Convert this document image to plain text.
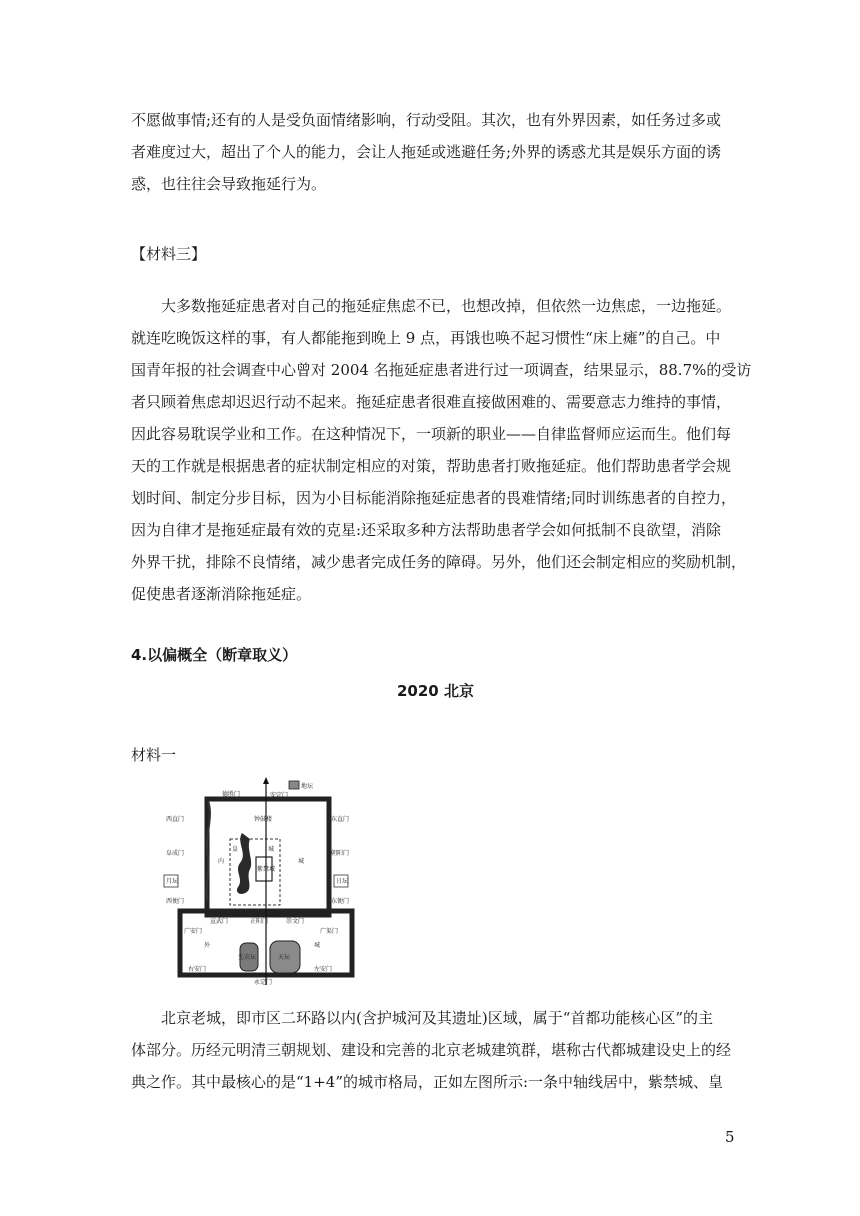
不愿做事情;还有的人是受负面情绪影响，行动受阻。其次，也有外界因素，如任务过多或
者难度过大，超出了个人的能力，会让人拖延或逃避任务;外界的诱惑尤其是娱乐方面的诱
惑，也往往会导致拖延行为。

【材料三】

　　大多数拖延症患者对自己的拖延症焦虑不已，也想改掉，但依然一边焦虑，一边拖延。
就连吃晚饭这样的事，有人都能拖到晚上 9 点，再饿也唤不起习惯性“床上瘫”的自己。中
国青年报的社会调查中心曾对 2004 名拖延症患者进行过一项调查，结果显示，88.7%的受访
者只顾着焦虑却迟迟行动不起来。拖延症患者很难直接做困难的、需要意志力维持的事情，
因此容易耽误学业和工作。在这种情况下，一项新的职业——自律监督师应运而生。他们每
天的工作就是根据患者的症状制定相应的对策，帮助患者打败拖延症。他们帮助患者学会规
划时间、制定分步目标，因为小目标能消除拖延症患者的畏难情绪;同时训练患者的自控力，
因为自律才是拖延症最有效的克星:还采取多种方法帮助患者学会如何抵制不良欲望，消除
外界干扰，排除不良情绪，减少患者完成任务的障碍。另外，他们还会制定相应的奖励机制，
促使患者逐渐消除拖延症。

4.以偏概全（断章取义）

2020 北京

材料一

德胜门	安定门
地坛
西直门	东直门
钟鼓楼
阜成门	朝阳门
内
皇	城
城
紫禁城
月坛	日坛
西便门	东便门
宣武门	正阳门	崇文门
广安门	广渠门
外	城
先农坛	天坛
右安门	左安门
永定门

　　北京老城，即市区二环路以内(含护城河及其遗址)区域，属于“首都功能核心区”的主
体部分。历经元明清三朝规划、建设和完善的北京老城建筑群，堪称古代都城建设史上的经
典之作。其中最核心的是“1+4”的城市格局，正如左图所示:一条中轴线居中，紫禁城、皇

5
